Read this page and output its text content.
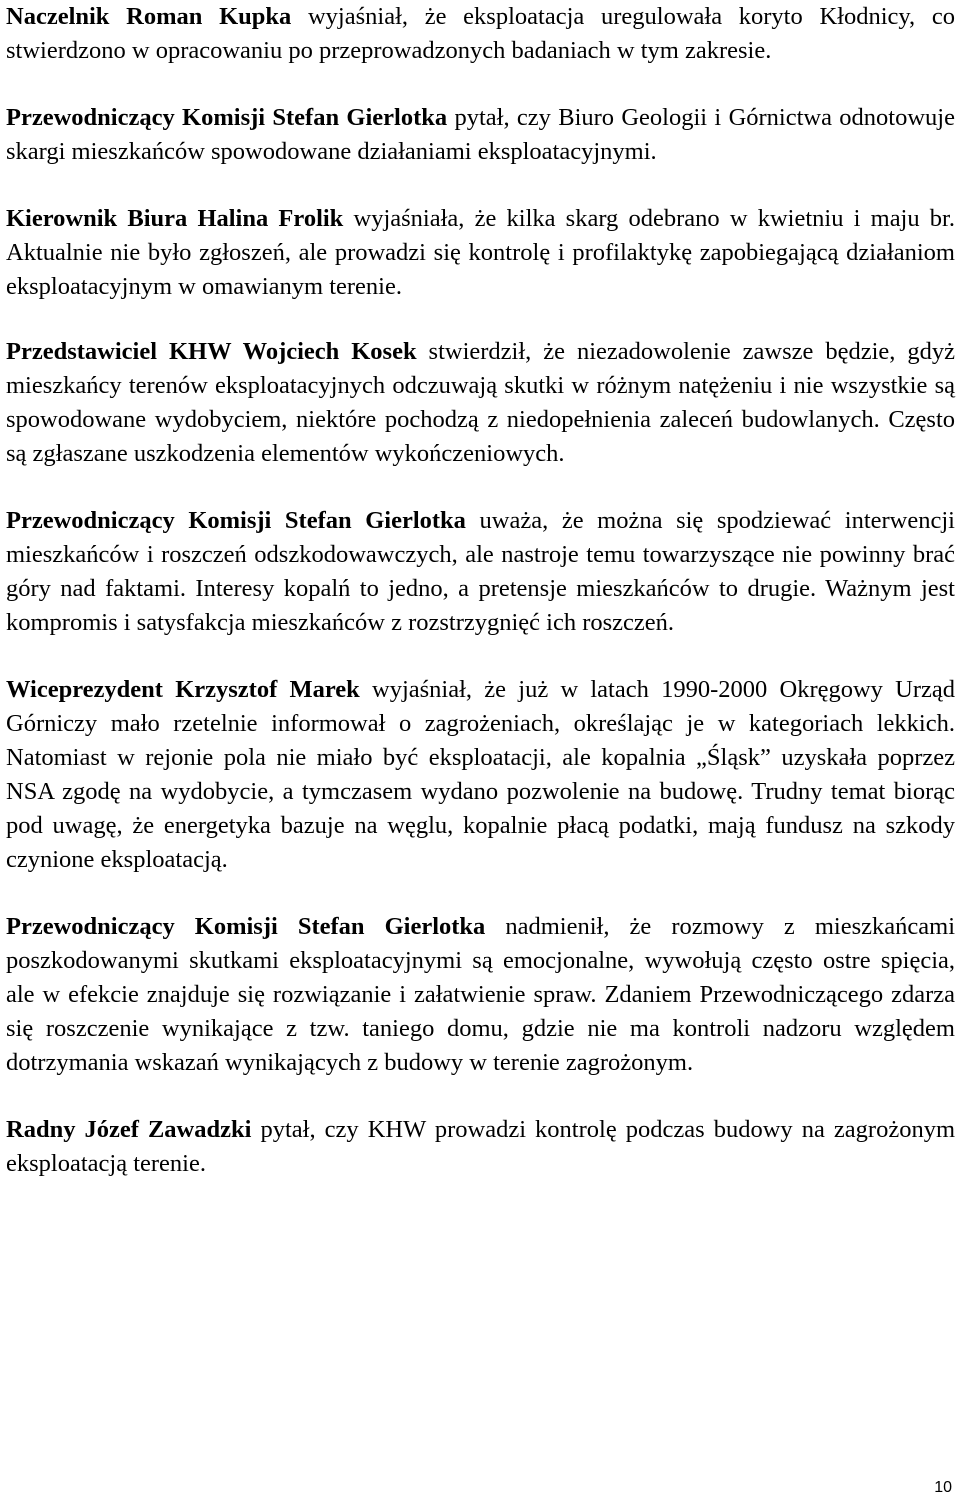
Naczelnik Roman Kupka wyjaśniał, że eksploatacja uregulowała koryto Kłodnicy, co stwierdzono w opracowaniu po przeprowadzonych badaniach w tym zakresie.

Przewodniczący Komisji Stefan Gierlotka pytał, czy Biuro Geologii i Górnictwa odnotowuje skargi mieszkańców spowodowane działaniami eksploatacyjnymi.

Kierownik Biura Halina Frolik wyjaśniała, że kilka skarg odebrano w kwietniu i maju br. Aktualnie nie było zgłoszeń, ale prowadzi się kontrolę i profilaktykę zapobiegającą działaniom eksploatacyjnym w omawianym terenie.

Przedstawiciel KHW Wojciech Kosek stwierdził, że niezadowolenie zawsze będzie, gdyż mieszkańcy terenów eksploatacyjnych odczuwają skutki w różnym natężeniu i nie wszystkie są spowodowane wydobyciem, niektóre pochodzą z niedopełnienia zaleceń budowlanych. Często są zgłaszane uszkodzenia elementów wykończeniowych.

Przewodniczący Komisji Stefan Gierlotka uważa, że można się spodziewać interwencji mieszkańców i roszczeń odszkodowawczych, ale nastroje temu towarzyszące nie powinny brać góry nad faktami. Interesy kopalń to jedno, a pretensje mieszkańców to drugie. Ważnym jest kompromis i satysfakcja mieszkańców z rozstrzygnięć ich roszczeń.

Wiceprezydent Krzysztof Marek wyjaśniał, że już w latach 1990-2000 Okręgowy Urząd Górniczy mało rzetelnie informował o zagrożeniach, określając je w kategoriach lekkich. Natomiast w rejonie pola nie miało być eksploatacji, ale kopalnia „Śląsk” uzyskała poprzez NSA zgodę na wydobycie, a tymczasem wydano pozwolenie na budowę. Trudny temat biorąc pod uwagę, że energetyka bazuje na węglu, kopalnie płacą podatki, mają fundusz na szkody czynione eksploatacją.

Przewodniczący Komisji Stefan Gierlotka nadmienił, że rozmowy z mieszkańcami poszkodowanymi skutkami eksploatacyjnymi są emocjonalne, wywołują często ostre spięcia, ale w efekcie znajduje się rozwiązanie i załatwienie spraw. Zdaniem Przewodniczącego zdarza się roszczenie wynikające z tzw. taniego domu, gdzie nie ma kontroli nadzoru względem dotrzymania wskazań wynikających z budowy w terenie zagrożonym.

Radny Józef Zawadzki pytał, czy KHW prowadzi kontrolę podczas budowy na zagrożonym eksploatacją terenie.

10
